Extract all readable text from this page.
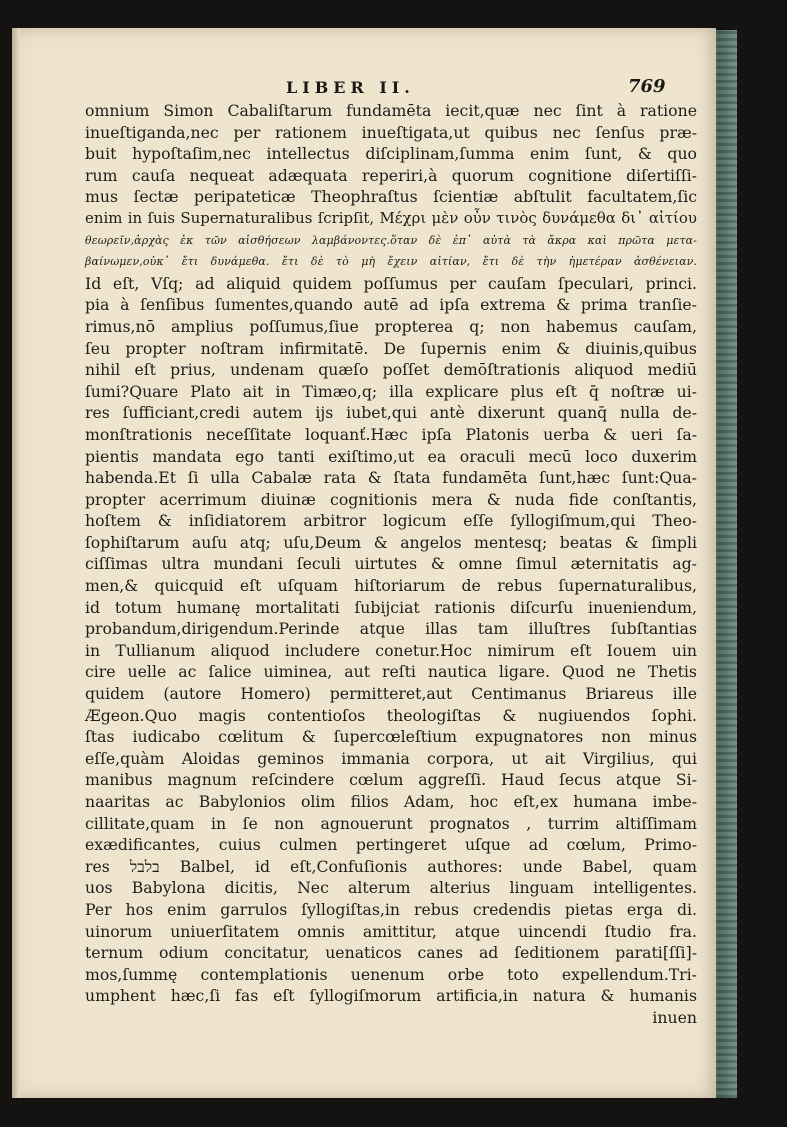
LIBER II.	769
omnium Simon Cabaliſtarum fundamēta iecit,quæ nec ſint à ratione
inueſtiganda,nec per rationem inueſtigata,ut quibus nec ſenſus præ-
buit hypoſtaſim,nec intellectus diſciplinam,ſumma enim ſunt, & quo
rum cauſa nequeat adæquata reperiri,à quorum cognitione diſertiſſi-
mus ſectæ peripateticæ Theophraſtus ſcientiæ abſtulit facultatem,ſic
enim in ſuis Supernaturalibus ſcripſit, Μέχρι μὲν οὖν τινὸς δυνάμεθα δι᾽ αἰτίου
θεωρεῖν,ἀρχὰς ἐκ τῶν αἰσθήσεων λαμβάνοντες.ὅταν δὲ ἐπ᾽ αὐτὰ τὰ ἄκρα καὶ πρῶτα μετα-
βαίνωμεν,οὐκ᾽ ἔτι δυνάμεθα. ἔτι δὲ τὸ μὴ ἔχειν αἰτίαν, ἔτι δὲ τὴν ἡμετέραν ἀσθένειαν.
Id eſt, Vſq; ad aliquid quidem poſſumus per cauſam ſpeculari, princi.
pia à ſenſibus ſumentes,quando autē ad ipſa extrema & prima tranſie-
rimus,nō amplius poſſumus,ſiue propterea q; non habemus cauſam,
ſeu propter noſtram infirmitatē. De ſupernis enim & diuinis,quibus
nihil eſt prius, undenam quæſo poſſet demōſtrationis aliquod mediū
ſumi?Quare Plato ait in Timæo,q; illa explicare plus eſt q̄ noſtræ ui-
res ſufficiant,credi autem ijs iubet,qui antè dixerunt quanq̄ nulla de-
monſtrationis neceſſitate loquanť.Hæc ipſa Platonis uerba & ueri ſa-
pientis mandata ego tanti exiſtimo,ut ea oraculi mecū loco duxerim
habenda.Et ſi ulla Cabalæ rata & ſtata fundamēta ſunt,hæc ſunt:Qua-
propter acerrimum diuinæ cognitionis mera & nuda fide conſtantis,
hoſtem & inſidiatorem arbitror logicum eſſe ſyllogiſmum,qui Theo-
ſophiſtarum auſu atq; uſu,Deum & angelos mentesq; beatas & ſimpli
ciſſimas ultra mundani ſeculi uirtutes & omne ſimul æternitatis ag-
men,& quicquid eſt uſquam hiſtoriarum de rebus ſupernaturalibus,
id totum humanę mortalitati ſubijciat rationis diſcurſu inueniendum,
probandum,dirigendum.Perinde atque illas tam illuſtres ſubſtantias
in Tullianum aliquod includere conetur.Hoc nimirum eſt Iouem uin
cire uelle ac ſalice uiminea, aut reſti nautica ligare. Quod ne Thetis
quidem (autore Homero) permitteret,aut Centimanus Briareus ille
Ægeon.Quo magis contentioſos theologiſtas & nugiuendos ſophi.
ſtas iudicabo cœlitum & ſupercœleſtium expugnatores non minus
eſſe,quàm Aloidas geminos immania corpora, ut ait Virgilius, qui
manibus magnum reſcindere cœlum aggreſſi. Haud ſecus atque Si-
naaritas ac Babylonios olim filios Adam, hoc eſt,ex humana imbe-
cillitate,quam in ſe non agnouerunt prognatos , turrim altiſſimam
exædificantes, cuius culmen pertingeret uſque ad cœlum, Primo-
res בלבל Balbel, id eſt,Confuſionis authores: unde Babel, quam
uos Babylona dicitis, Nec alterum alterius linguam intelligentes.
Per hos enim garrulos ſyllogiſtas,in rebus credendis pietas erga di.
uinorum uniuerſitatem omnis amittitur, atque uincendi ſtudio fra.
ternum odium concitatur, uenaticos canes ad ſeditionem parati[ſſi]-
mos,ſummę contemplationis uenenum orbe toto expellendum.Tri-
umphent hæc,ſi fas eſt ſyllogiſmorum artificia,in natura & humanis
inuen
